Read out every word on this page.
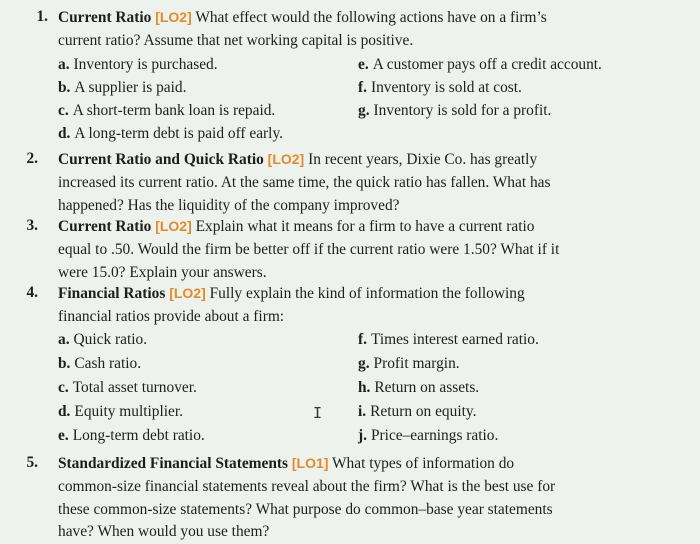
1. Current Ratio [LO2] What effect would the following actions have on a firm’s
current ratio? Assume that net working capital is positive.
a. Inventory is purchased.
b. A supplier is paid.
c. A short-term bank loan is repaid.
d. A long-term debt is paid off early.
e. A customer pays off a credit account.
f. Inventory is sold at cost.
g. Inventory is sold for a profit.
2. Current Ratio and Quick Ratio [LO2] In recent years, Dixie Co. has greatly
increased its current ratio. At the same time, the quick ratio has fallen. What has
happened? Has the liquidity of the company improved?
3. Current Ratio [LO2] Explain what it means for a firm to have a current ratio
equal to .50. Would the firm be better off if the current ratio were 1.50? What if it
were 15.0? Explain your answers.
4. Financial Ratios [LO2] Fully explain the kind of information the following
financial ratios provide about a firm:
a. Quick ratio.
b. Cash ratio.
c. Total asset turnover.
d. Equity multiplier.
e. Long-term debt ratio.
f. Times interest earned ratio.
g. Profit margin.
h. Return on assets.
i. Return on equity.
j. Price–earnings ratio.
I
5. Standardized Financial Statements [LO1] What types of information do
common-size financial statements reveal about the firm? What is the best use for
these common-size statements? What purpose do common–base year statements
have? When would you use them?
